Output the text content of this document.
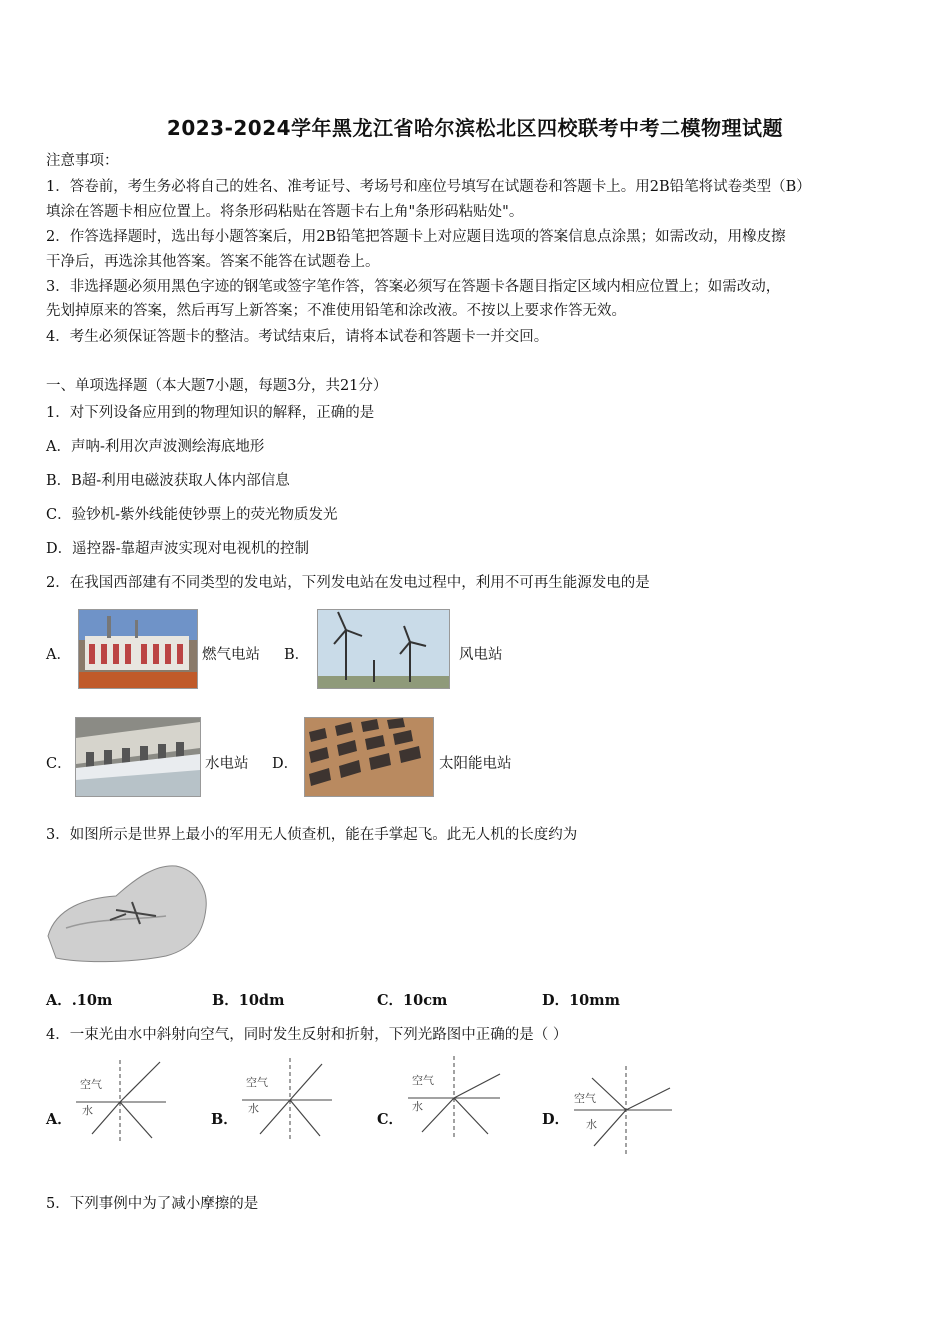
2023-2024学年黑龙江省哈尔滨松北区四校联考中考二模物理试题
注意事项：
1．答卷前，考生务必将自己的姓名、准考证号、考场号和座位号填写在试题卷和答题卡上。用2B铅笔将试卷类型（B）
填涂在答题卡相应位置上。将条形码粘贴在答题卡右上角"条形码粘贴处"。
2．作答选择题时，选出每小题答案后，用2B铅笔把答题卡上对应题目选项的答案信息点涂黑；如需改动，用橡皮擦
干净后，再选涂其他答案。答案不能答在试题卷上。
3．非选择题必须用黑色字迹的钢笔或签字笔作答，答案必须写在答题卡各题目指定区域内相应位置上；如需改动，
先划掉原来的答案，然后再写上新答案；不准使用铅笔和涂改液。不按以上要求作答无效。
4．考生必须保证答题卡的整洁。考试结束后，请将本试卷和答题卡一并交回。
一、单项选择题（本大题7小题，每题3分，共21分）
1．对下列设备应用到的物理知识的解释，正确的是
A．声呐-利用次声波测绘海底地形
B．B超-利用电磁波获取人体内部信息
C．验钞机-紫外线能使钞票上的荧光物质发光
D．遥控器-靠超声波实现对电视机的控制
2．在我国西部建有不同类型的发电站，下列发电站在发电过程中，利用不可再生能源发电的是
A．	燃气电站 B．	风电站
C．	水电站 D．	太阳能电站
3．如图所示是世界上最小的军用无人侦查机，能在手掌起飞。此无人机的长度约为
A．.10m	B．10dm	C．10cm	D．10mm
4．一束光由水中斜射向空气，同时发生反射和折射，下列光路图中正确的是（ ）
A．
空气
水
B．
空气
水
C．
空气
水
D．
空气
水
5．下列事例中为了减小摩擦的是
